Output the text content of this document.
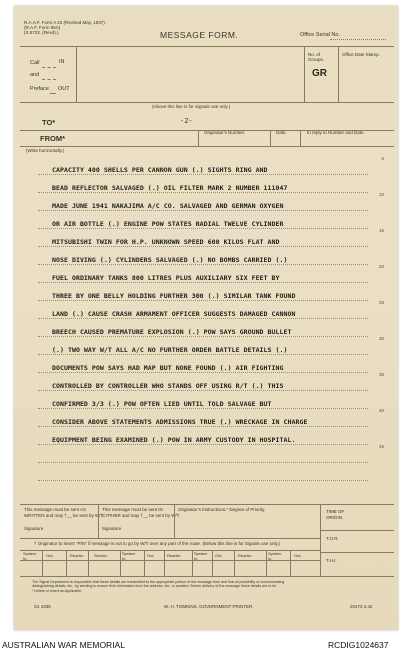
R.A.A.F. Form A 23 (Revised May, 1937).
(R.A.F. Form 96A)
(S.5723. (Revd).)	MESSAGE FORM.	Office Serial No.
Call
and
Preface
IN
OUT
No. of
Groups.
GR
Office Date Stamp.
(Above this line is for Signals use only.)
TO*	-2-
FROM*
Originator's Number.	Date.	In reply to Number and Date.
(Write horizontally.)
5
10
15
20
25
30
35
40
45
CAPACITY 400 SHELLS PER CANNON GUN (.) SIGHTS RING AND
BEAD REFLECTOR SALVAGED (.) OIL FILTER MARK 2 NUMBER 111047
MADE JUNE 1941 NAKAJIMA A/C CO. SALVAGED AND GERMAN OXYGEN
OR AIR BOTTLE (.) ENGINE POW STATES RADIAL TWELVE CYLINDER
MITSUBISHI TWIN FOR H.P. UNKNOWN SPEED 600 KILOS FLAT AND
NOSE DIVING (.) CYLINDERS SALVAGED (.) NO BOMBS CARRIED (.)
FUEL ORDINARY TANKS 800 LITRES PLUS AUXILIARY SIX FEET BY
THREE BY ONE BELLY HOLDING FURTHER 300 (.) SIMILAR TANK FOUND
LAND (.) CAUSE CRASH ARMAMENT OFFICER SUGGESTS DAMAGED CANNON
BREECH CAUSED PREMATURE EXPLOSION (.) POW SAYS GROUND BULLET
(.) TWO WAY W/T ALL A/C NO FURTHER ORDER BATTLE DETAILS (.)
DOCUMENTS POW SAYS HAD MAP BUT NONE FOUND (.) AIR FIGHTING
CONTROLLED BY CONTROLLER WHO STANDS OFF USING R/T (.) THIS
CONFIRMED 3/3 (.) POW OFTEN LIED UNTIL TOLD SALVAGE BUT
CONSIDER ABOVE STATEMENTS ADMISSIONS TRUE (.) WRECKAGE IN CHARGE
EQUIPMENT BEING EXAMINED (.) POW IN ARMY CUSTODY IN HOSPITAL.
This message must be sent AS
WRITTEN and may †__ be sent by W/T
This message must be sent IN
CYPHER and may †__ be sent by W/T
Originator's Instructions.* Degree of Priority.	TIME OF
ORIGIN.
Signature	Signature
T.O.R.
T.H.I.
† Originator to insert "P/N" if message is not to go by W/T over any part of the route. (Below this line is for Signals use only.)
System
In.	Out.	Reader. Sender.	System
In.	Out.	Reader.	System
In.	Out.	Reader.	System
In.	Out.
The Signal Department is responsible that these details are transmitted to the appropriate portion of the message form and that all possibility of communicating
distinguishing details, etc., by sending to ensure their elimination from the address, etc., is avoided. Before delivery of the message these details are to be
* Delete or Insert as Applicable.
S1 4335	W. H. TOMKINS, GOVERNMENT PRINTER.	20473 4.42
AUSTRALIAN WAR MEMORIAL	RCDIG1024637
